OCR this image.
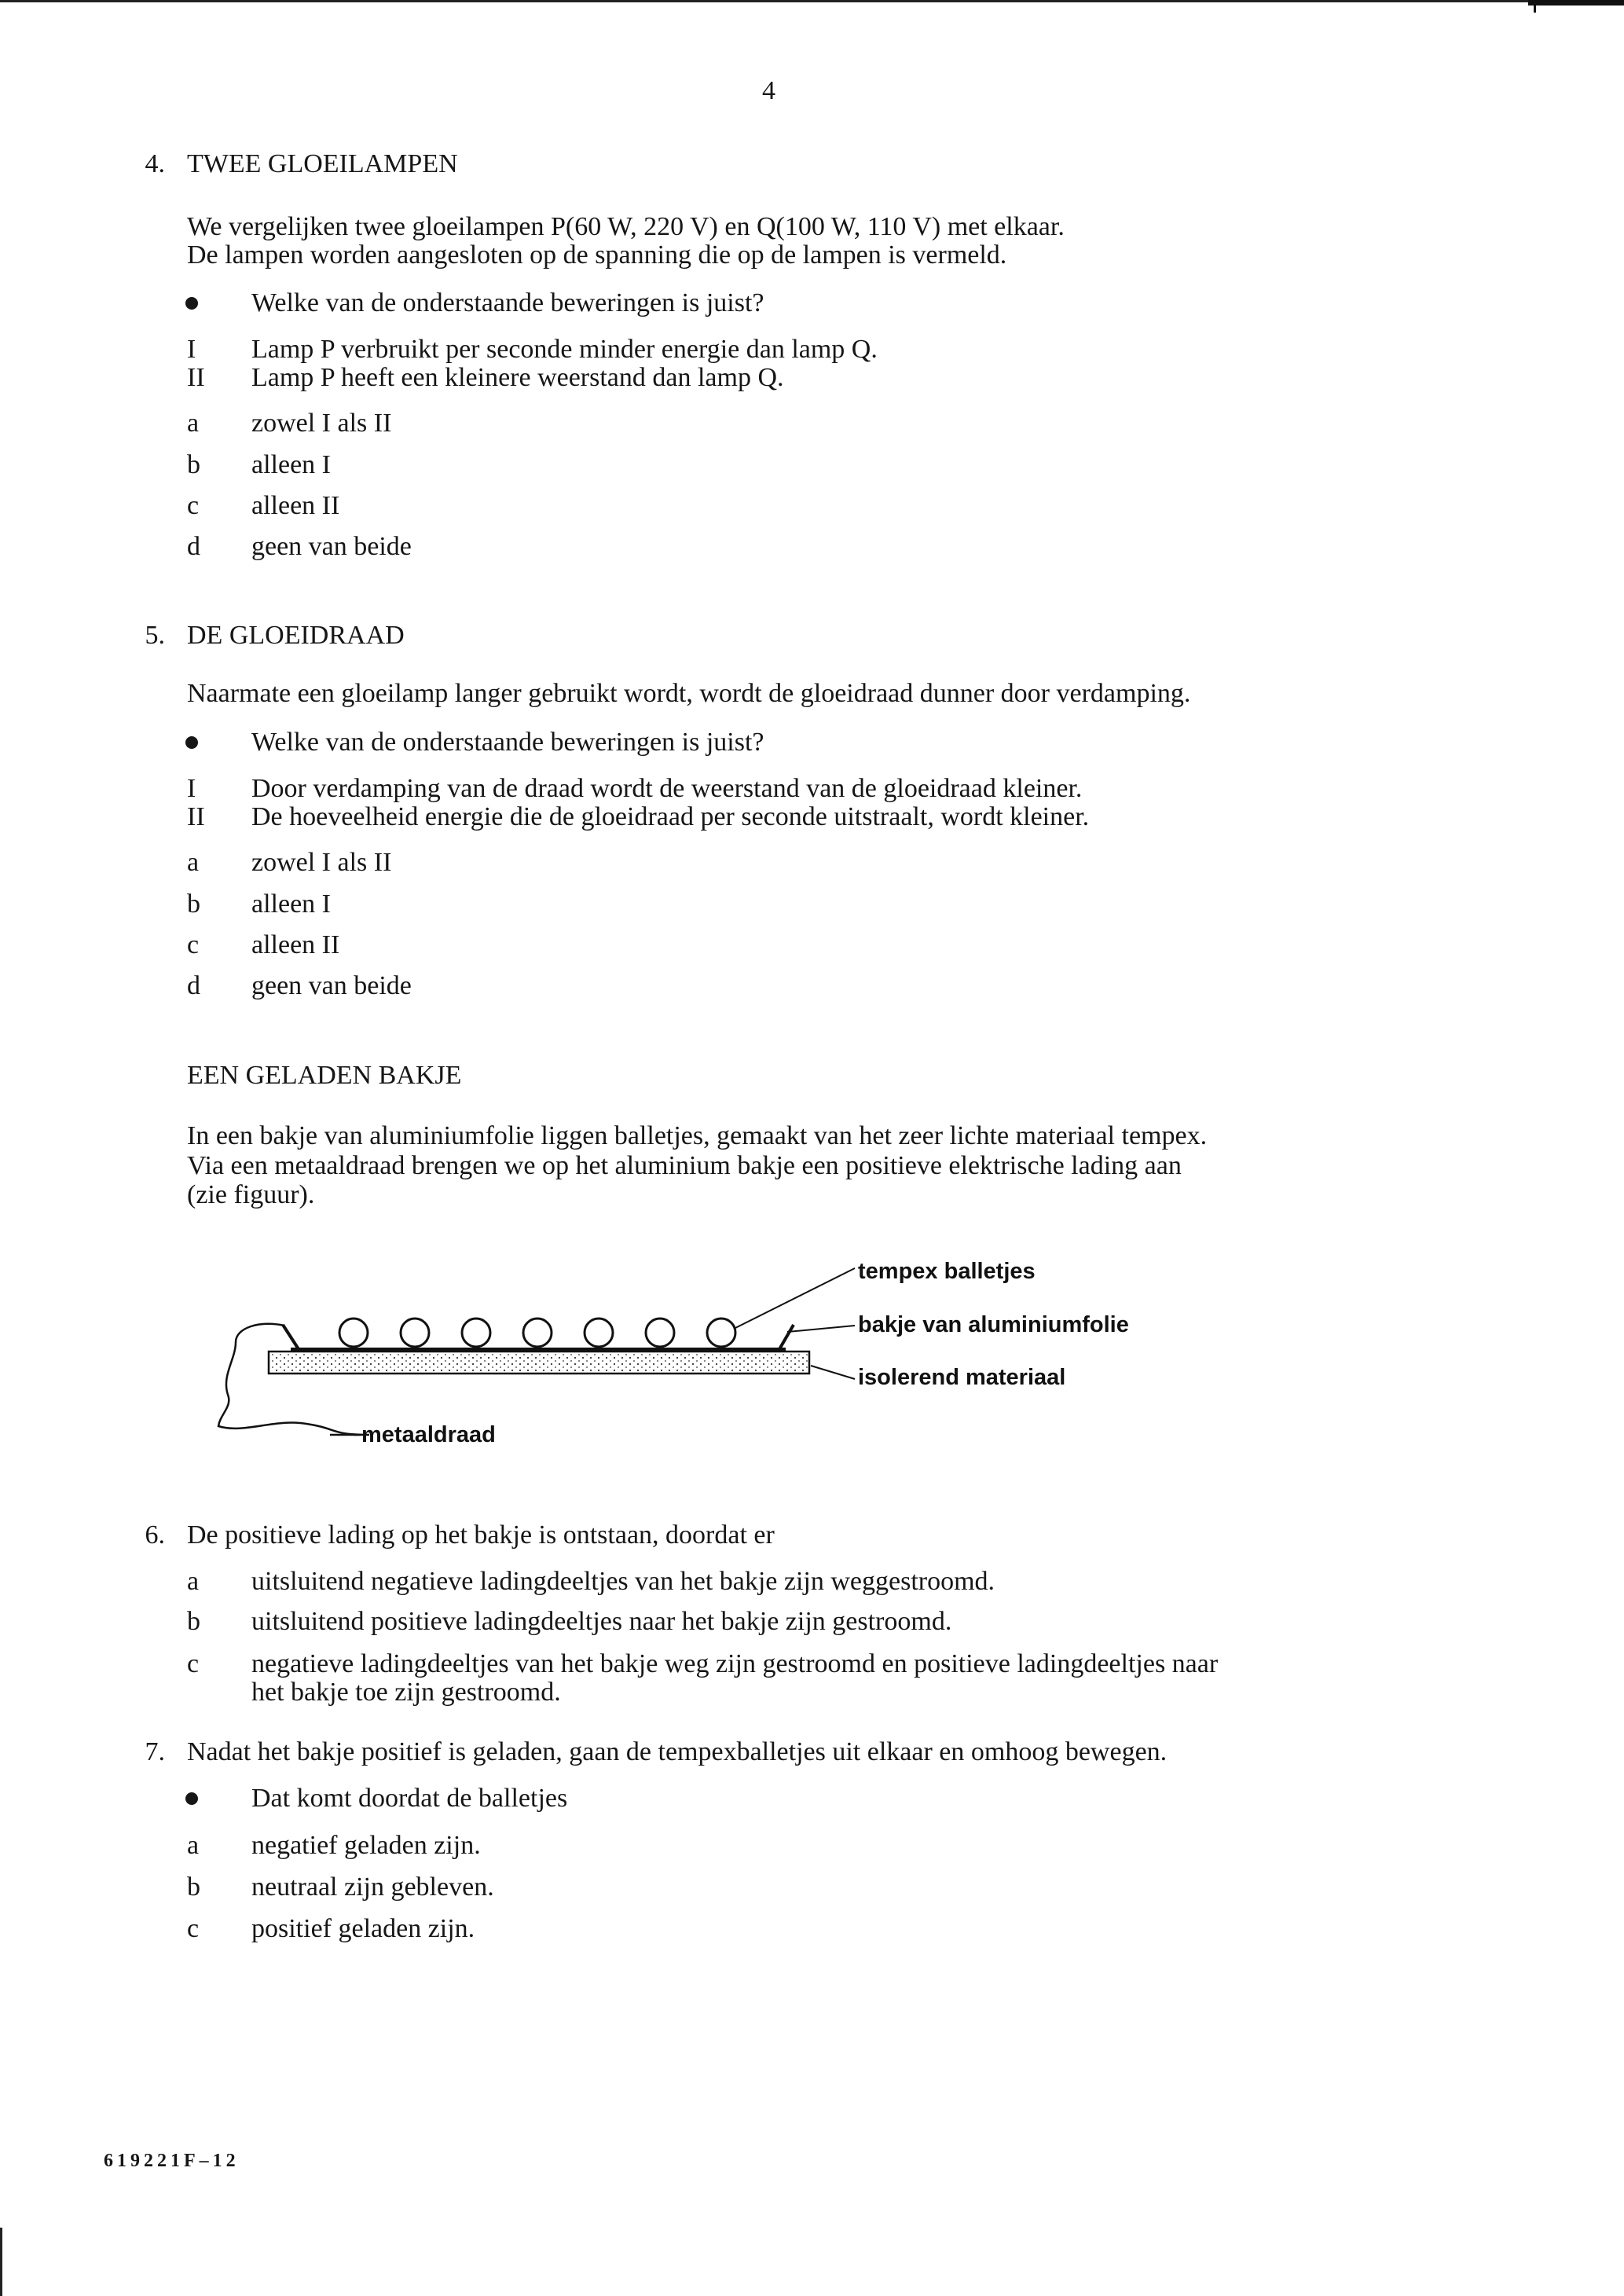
4
4. TWEE GLOEILAMPEN
We vergelijken twee gloeilampen P(60 W, 220 V) en Q(100 W, 110 V) met elkaar.
De lampen worden aangesloten op de spanning die op de lampen is vermeld.
Welke van de onderstaande beweringen is juist?
I Lamp P verbruikt per seconde minder energie dan lamp Q.
II Lamp P heeft een kleinere weerstand dan lamp Q.
a zowel I als II
b alleen I
c alleen II
d geen van beide
5. DE GLOEIDRAAD
Naarmate een gloeilamp langer gebruikt wordt, wordt de gloeidraad dunner door verdamping.
Welke van de onderstaande beweringen is juist?
I Door verdamping van de draad wordt de weerstand van de gloeidraad kleiner.
II De hoeveelheid energie die de gloeidraad per seconde uitstraalt, wordt kleiner.
a zowel I als II
b alleen I
c alleen II
d geen van beide
EEN GELADEN BAKJE
In een bakje van aluminiumfolie liggen balletjes, gemaakt van het zeer lichte materiaal tempex.
Via een metaaldraad brengen we op het aluminium bakje een positieve elektrische lading aan
(zie figuur).
tempex balletjes
bakje van aluminiumfolie
isolerend materiaal
metaaldraad
6. De positieve lading op het bakje is ontstaan, doordat er
a uitsluitend negatieve ladingdeeltjes van het bakje zijn weggestroomd.
b uitsluitend positieve ladingdeeltjes naar het bakje zijn gestroomd.
c negatieve ladingdeeltjes van het bakje weg zijn gestroomd en positieve ladingdeeltjes naar
het bakje toe zijn gestroomd.
7. Nadat het bakje positief is geladen, gaan de tempexballetjes uit elkaar en omhoog bewegen.
Dat komt doordat de balletjes
a negatief geladen zijn.
b neutraal zijn gebleven.
c positief geladen zijn.
619221F–12
